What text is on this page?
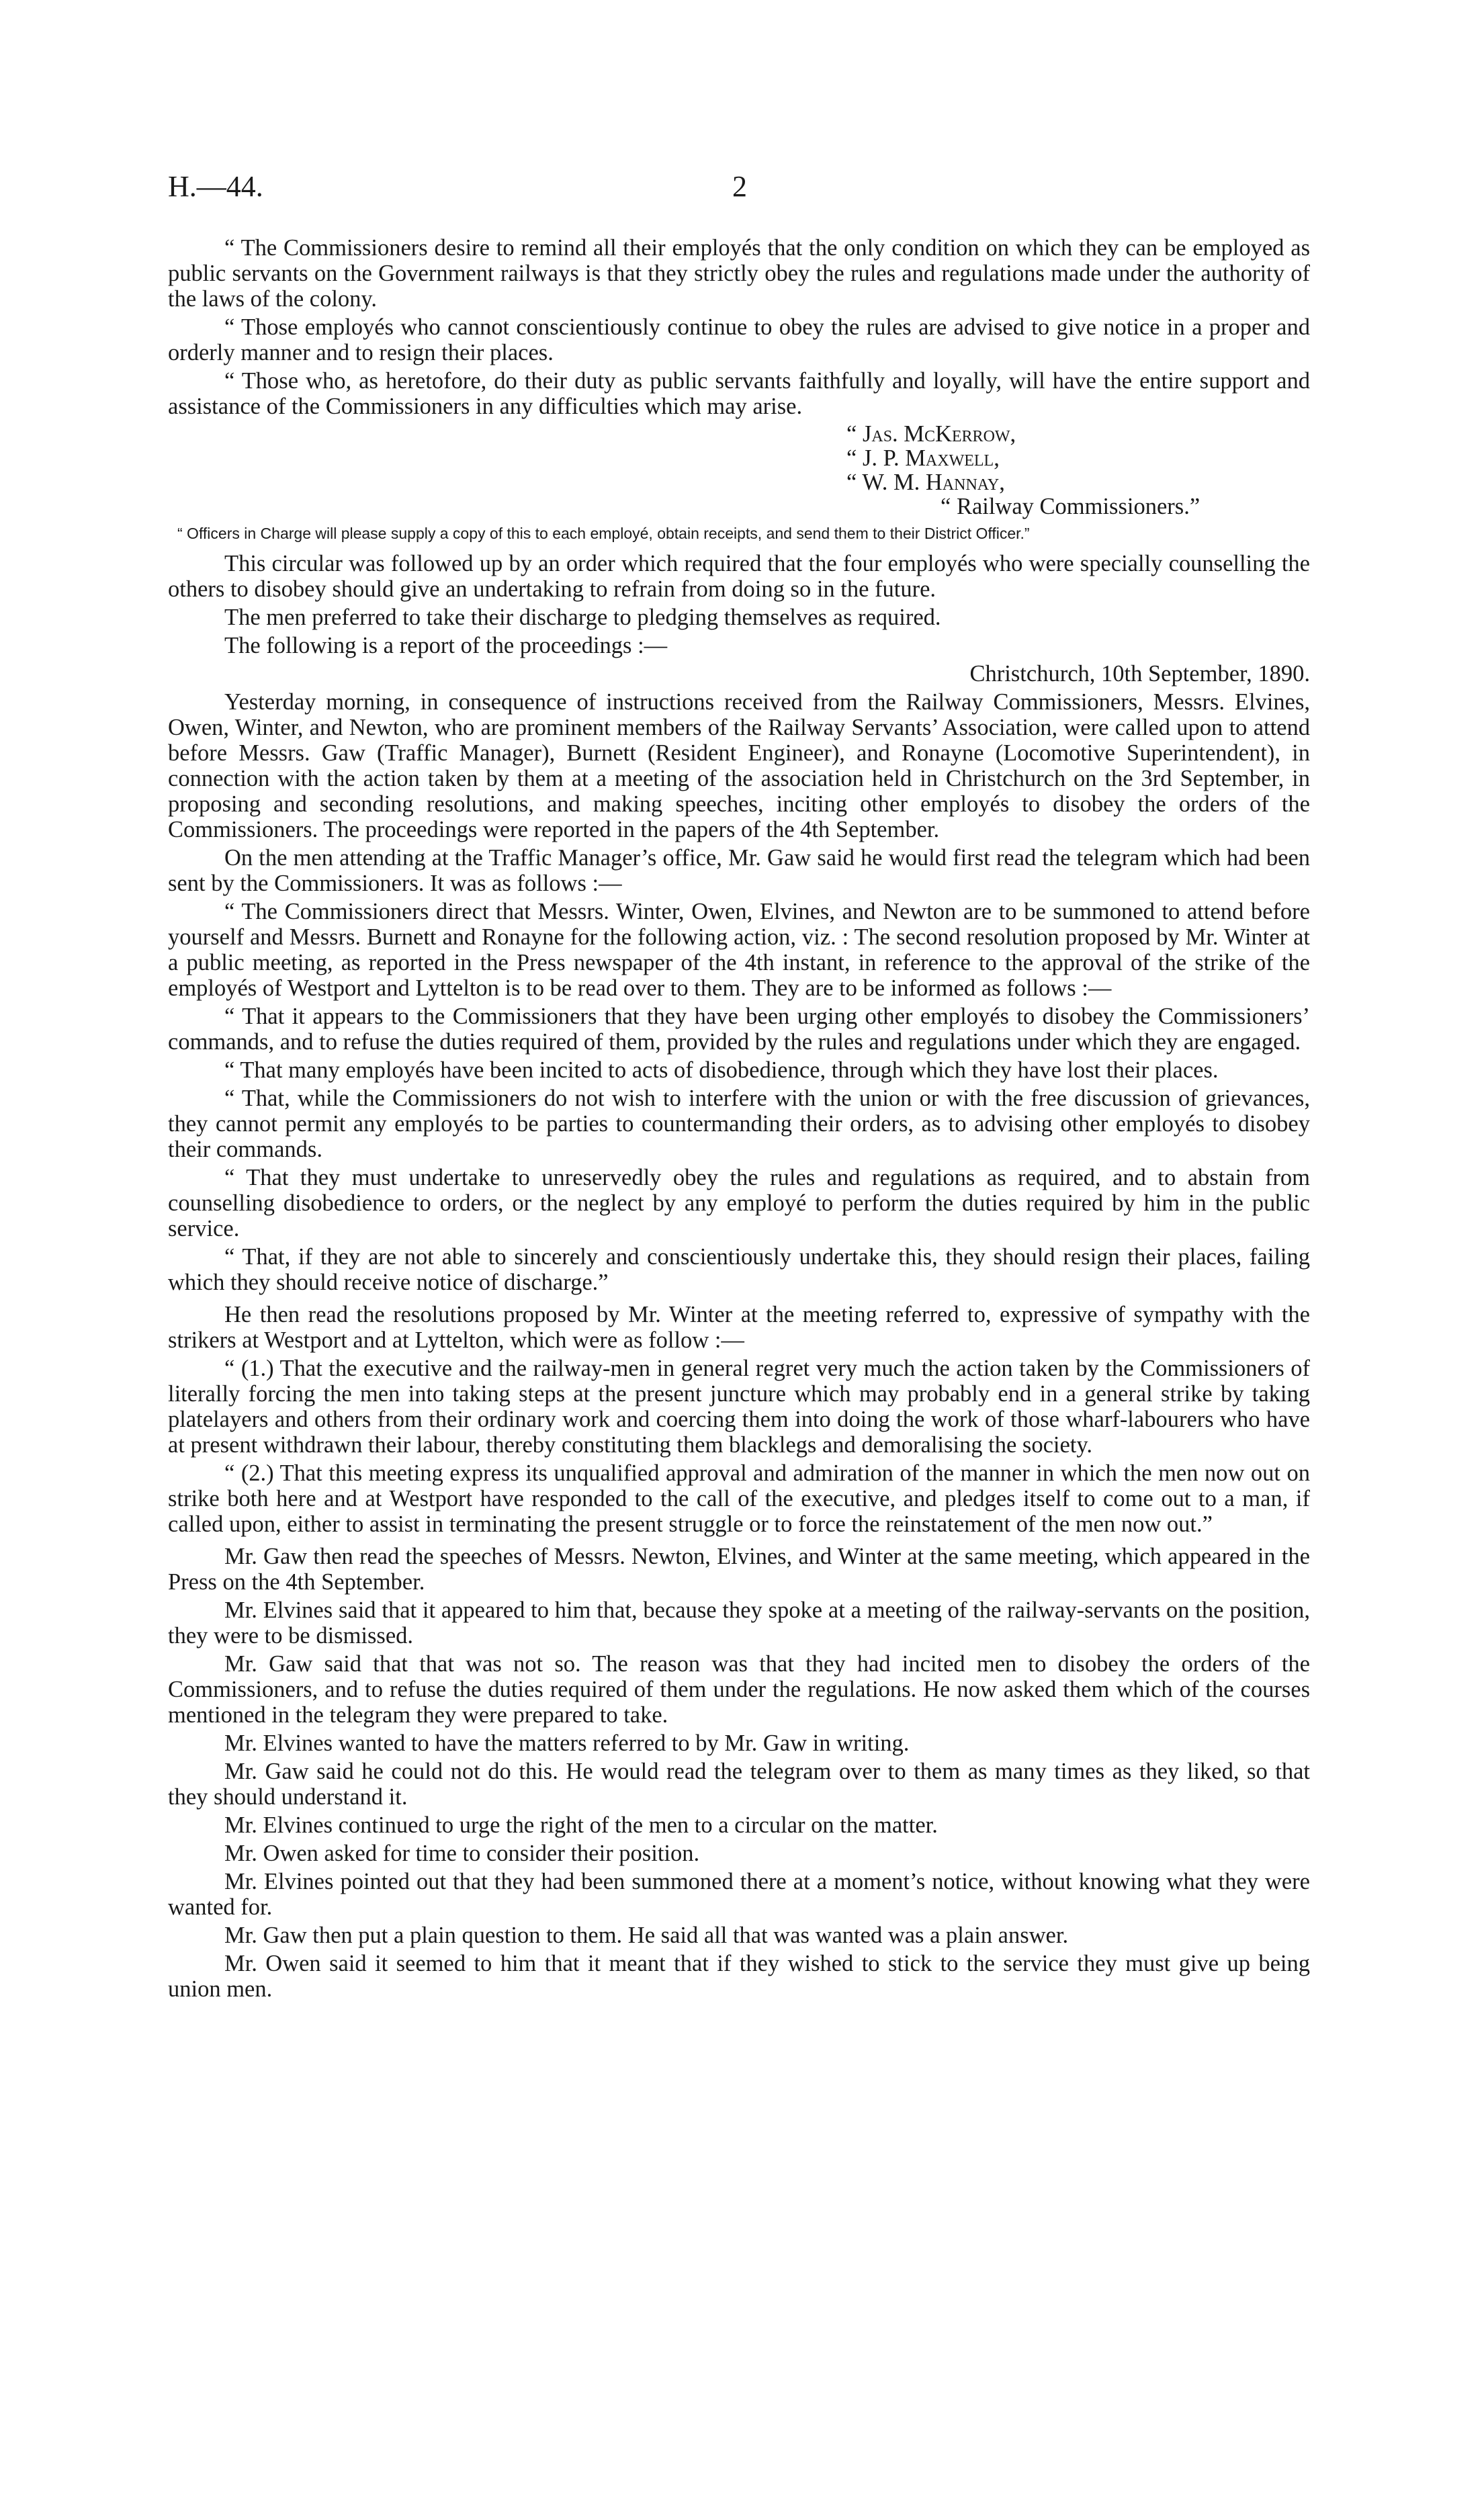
H.—44.	2

“ The Commissioners desire to remind all their employés that the only condition on which they can be employed as public servants on the Government railways is that they strictly obey the rules and regulations made under the authority of the laws of the colony.

“ Those employés who cannot conscientiously continue to obey the rules are advised to give notice in a proper and orderly manner and to resign their places.

“ Those who, as heretofore, do their duty as public servants faithfully and loyally, will have the entire support and assistance of the Commissioners in any difficulties which may arise.

“ Jas. McKerrow,
“ J. P. Maxwell,
“ W. M. Hannay,
“ Railway Commissioners.”

“ Officers in Charge will please supply a copy of this to each employé, obtain receipts, and send them to their District Officer.”

This circular was followed up by an order which required that the four employés who were specially counselling the others to disobey should give an undertaking to refrain from doing so in the future.

The men preferred to take their discharge to pledging themselves as required.

The following is a report of the proceedings :—

Christchurch, 10th September, 1890.

Yesterday morning, in consequence of instructions received from the Railway Commissioners, Messrs. Elvines, Owen, Winter, and Newton, who are prominent members of the Railway Servants’ Association, were called upon to attend before Messrs. Gaw (Traffic Manager), Burnett (Resident Engineer), and Ronayne (Locomotive Superintendent), in connection with the action taken by them at a meeting of the association held in Christchurch on the 3rd September, in proposing and seconding resolutions, and making speeches, inciting other employés to disobey the orders of the Commissioners. The proceedings were reported in the papers of the 4th September.

On the men attending at the Traffic Manager’s office, Mr. Gaw said he would first read the telegram which had been sent by the Commissioners. It was as follows :—

“ The Commissioners direct that Messrs. Winter, Owen, Elvines, and Newton are to be summoned to attend before yourself and Messrs. Burnett and Ronayne for the following action, viz. : The second resolution proposed by Mr. Winter at a public meeting, as reported in the Press newspaper of the 4th instant, in reference to the approval of the strike of the employés of Westport and Lyttelton is to be read over to them. They are to be informed as follows :—

“ That it appears to the Commissioners that they have been urging other employés to disobey the Commissioners’ commands, and to refuse the duties required of them, provided by the rules and regulations under which they are engaged.

“ That many employés have been incited to acts of disobedience, through which they have lost their places.

“ That, while the Commissioners do not wish to interfere with the union or with the free discussion of grievances, they cannot permit any employés to be parties to countermanding their orders, as to advising other employés to disobey their commands.

“ That they must undertake to unreservedly obey the rules and regulations as required, and to abstain from counselling disobedience to orders, or the neglect by any employé to perform the duties required by him in the public service.

“ That, if they are not able to sincerely and conscientiously undertake this, they should resign their places, failing which they should receive notice of discharge.”

He then read the resolutions proposed by Mr. Winter at the meeting referred to, expressive of sympathy with the strikers at Westport and at Lyttelton, which were as follow :—

“ (1.) That the executive and the railway-men in general regret very much the action taken by the Commissioners of literally forcing the men into taking steps at the present juncture which may probably end in a general strike by taking platelayers and others from their ordinary work and coercing them into doing the work of those wharf-labourers who have at present withdrawn their labour, thereby constituting them blacklegs and demoralising the society.

“ (2.) That this meeting express its unqualified approval and admiration of the manner in which the men now out on strike both here and at Westport have responded to the call of the executive, and pledges itself to come out to a man, if called upon, either to assist in terminating the present struggle or to force the reinstatement of the men now out.”

Mr. Gaw then read the speeches of Messrs. Newton, Elvines, and Winter at the same meeting, which appeared in the Press on the 4th September.

Mr. Elvines said that it appeared to him that, because they spoke at a meeting of the railway-servants on the position, they were to be dismissed.

Mr. Gaw said that that was not so. The reason was that they had incited men to disobey the orders of the Commissioners, and to refuse the duties required of them under the regulations. He now asked them which of the courses mentioned in the telegram they were prepared to take.

Mr. Elvines wanted to have the matters referred to by Mr. Gaw in writing.

Mr. Gaw said he could not do this. He would read the telegram over to them as many times as they liked, so that they should understand it.

Mr. Elvines continued to urge the right of the men to a circular on the matter.

Mr. Owen asked for time to consider their position.

Mr. Elvines pointed out that they had been summoned there at a moment’s notice, without knowing what they were wanted for.

Mr. Gaw then put a plain question to them. He said all that was wanted was a plain answer.

Mr. Owen said it seemed to him that it meant that if they wished to stick to the service they must give up being union men.
